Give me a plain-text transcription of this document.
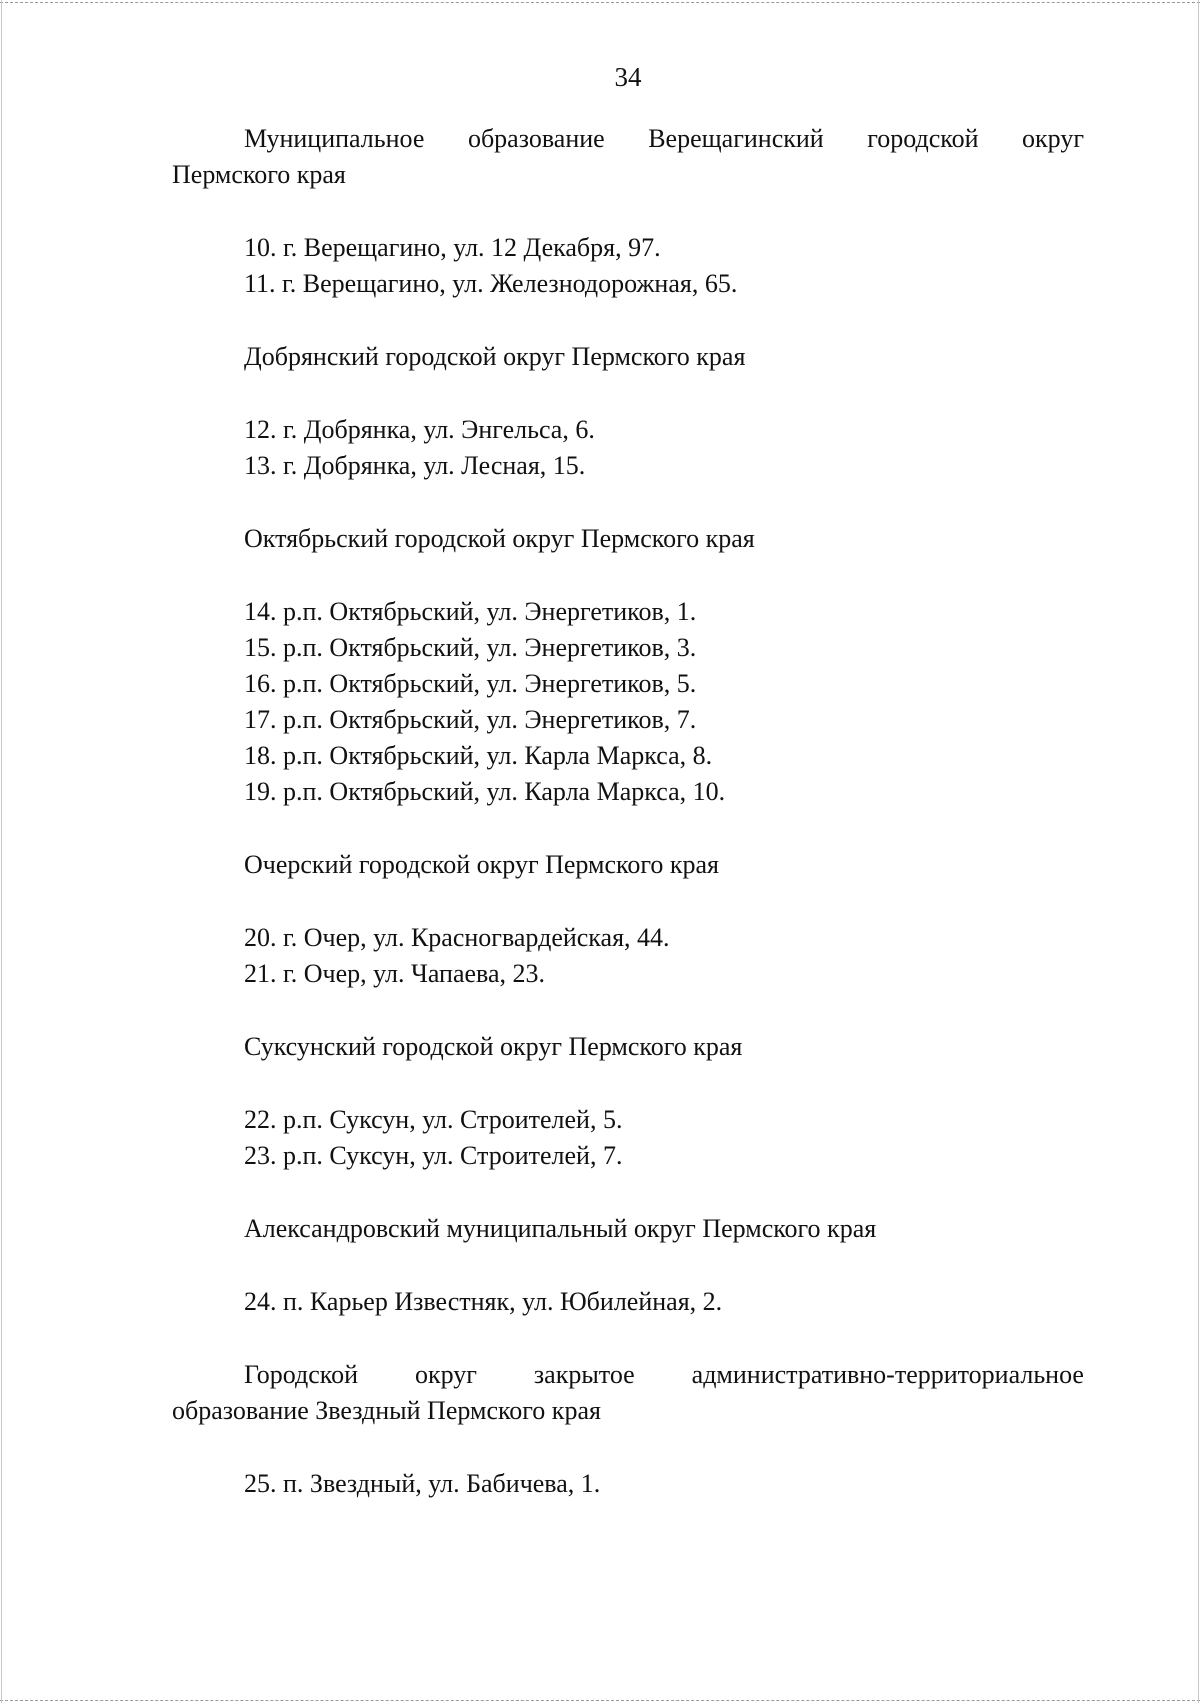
34
Муниципальное образование Верещагинский городской округ
Пермского края
10. г. Верещагино, ул. 12 Декабря, 97.
11. г. Верещагино, ул. Железнодорожная, 65.
Добрянский городской округ Пермского края
12. г. Добрянка, ул. Энгельса, 6.
13. г. Добрянка, ул. Лесная, 15.
Октябрьский городской округ Пермского края
14. р.п. Октябрьский, ул. Энергетиков, 1.
15. р.п. Октябрьский, ул. Энергетиков, 3.
16. р.п. Октябрьский, ул. Энергетиков, 5.
17. р.п. Октябрьский, ул. Энергетиков, 7.
18. р.п. Октябрьский, ул. Карла Маркса, 8.
19. р.п. Октябрьский, ул. Карла Маркса, 10.
Очерский городской округ Пермского края
20. г. Очер, ул. Красногвардейская, 44.
21. г. Очер, ул. Чапаева, 23.
Суксунский городской округ Пермского края
22. р.п. Суксун, ул. Строителей, 5.
23. р.п. Суксун, ул. Строителей, 7.
Александровский муниципальный округ Пермского края
24. п. Карьер Известняк, ул. Юбилейная, 2.
Городской округ закрытое административно-территориальное
образование Звездный Пермского края
25. п. Звездный, ул. Бабичева, 1.
